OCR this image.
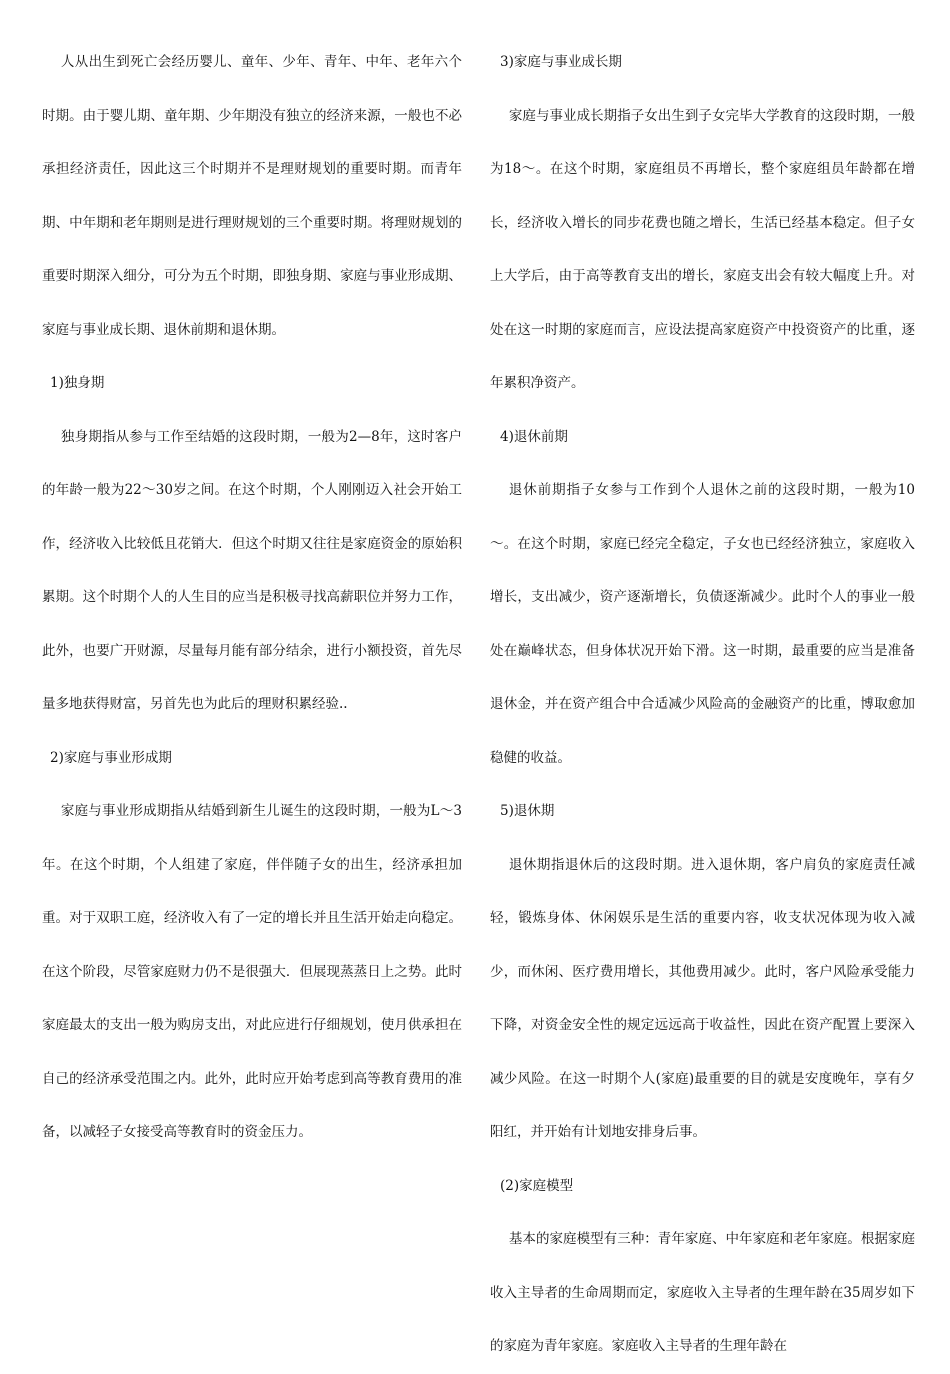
人从出生到死亡会经历婴儿、童年、少年、青年、中年、老年六个时期。由于婴儿期、童年期、少年期没有独立的经济来源，一般也不必承担经济责任，因此这三个时期并不是理财规划的重要时期。而青年期、中年期和老年期则是进行理财规划的三个重要时期。将理财规划的重要时期深入细分，可分为五个时期，即独身期、家庭与事业形成期、家庭与事业成长期、退休前期和退休期。

1)独身期

独身期指从参与工作至结婚的这段时期，一般为2—8年，这时客户的年龄一般为22～30岁之间。在这个时期，个人刚刚迈入社会开始工作，经济收入比较低且花销大．但这个时期又往往是家庭资金的原始积累期。这个时期个人的人生目的应当是积极寻找高薪职位并努力工作，此外，也要广开财源，尽量每月能有部分结余，进行小额投资，首先尽量多地获得财富，另首先也为此后的理财积累经验..

2)家庭与事业形成期

家庭与事业形成期指从结婚到新生儿诞生的这段时期，一般为L～3年。在这个时期，个人组建了家庭，伴伴随子女的出生，经济承担加重。对于双职工庭，经济收入有了一定的增长并且生活开始走向稳定。在这个阶段，尽管家庭财力仍不是很强大．但展现蒸蒸日上之势。此时家庭最太的支出一般为购房支出，对此应进行仔细规划，使月供承担在自己的经济承受范围之内。此外，此时应开始考虑到高等教育费用的准备，以减轻子女接受高等教育时的资金压力。

3)家庭与事业成长期

家庭与事业成长期指子女出生到子女完毕大学教育的这段时期，一般为18～。在这个时期，家庭组员不再增长，整个家庭组员年龄都在增长，经济收入增长的同步花费也随之增长，生活已经基本稳定。但子女上大学后，由于高等教育支出的增长，家庭支出会有较大幅度上升。对处在这一时期的家庭而言，应设法提高家庭资产中投资资产的比重，逐年累积净资产。

4)退休前期

退休前期指子女参与工作到个人退休之前的这段时期，一般为10～。在这个时期，家庭已经完全稳定，子女也已经经济独立，家庭收入增长，支出减少，资产逐渐增长，负债逐渐减少。此时个人的事业一般处在巅峰状态，但身体状况开始下滑。这一时期，最重要的应当是准备退休金，并在资产组合中合适减少风险高的金融资产的比重，博取愈加稳健的收益。

5)退休期

退休期指退休后的这段时期。进入退休期，客户肩负的家庭责任减轻，锻炼身体、休闲娱乐是生活的重要内容，收支状况体现为收入减少，而休闲、医疗费用增长，其他费用减少。此时，客户风险承受能力下降，对资金安全性的规定远远高于收益性，因此在资产配置上要深入减少风险。在这一时期个人(家庭)最重要的目的就是安度晚年，享有夕阳红，并开始有计划地安排身后事。

(2)家庭模型

基本的家庭模型有三种：青年家庭、中年家庭和老年家庭。根据家庭收入主导者的生命周期而定，家庭收入主导者的生理年龄在35周岁如下的家庭为青年家庭。家庭收入主导者的生理年龄在
